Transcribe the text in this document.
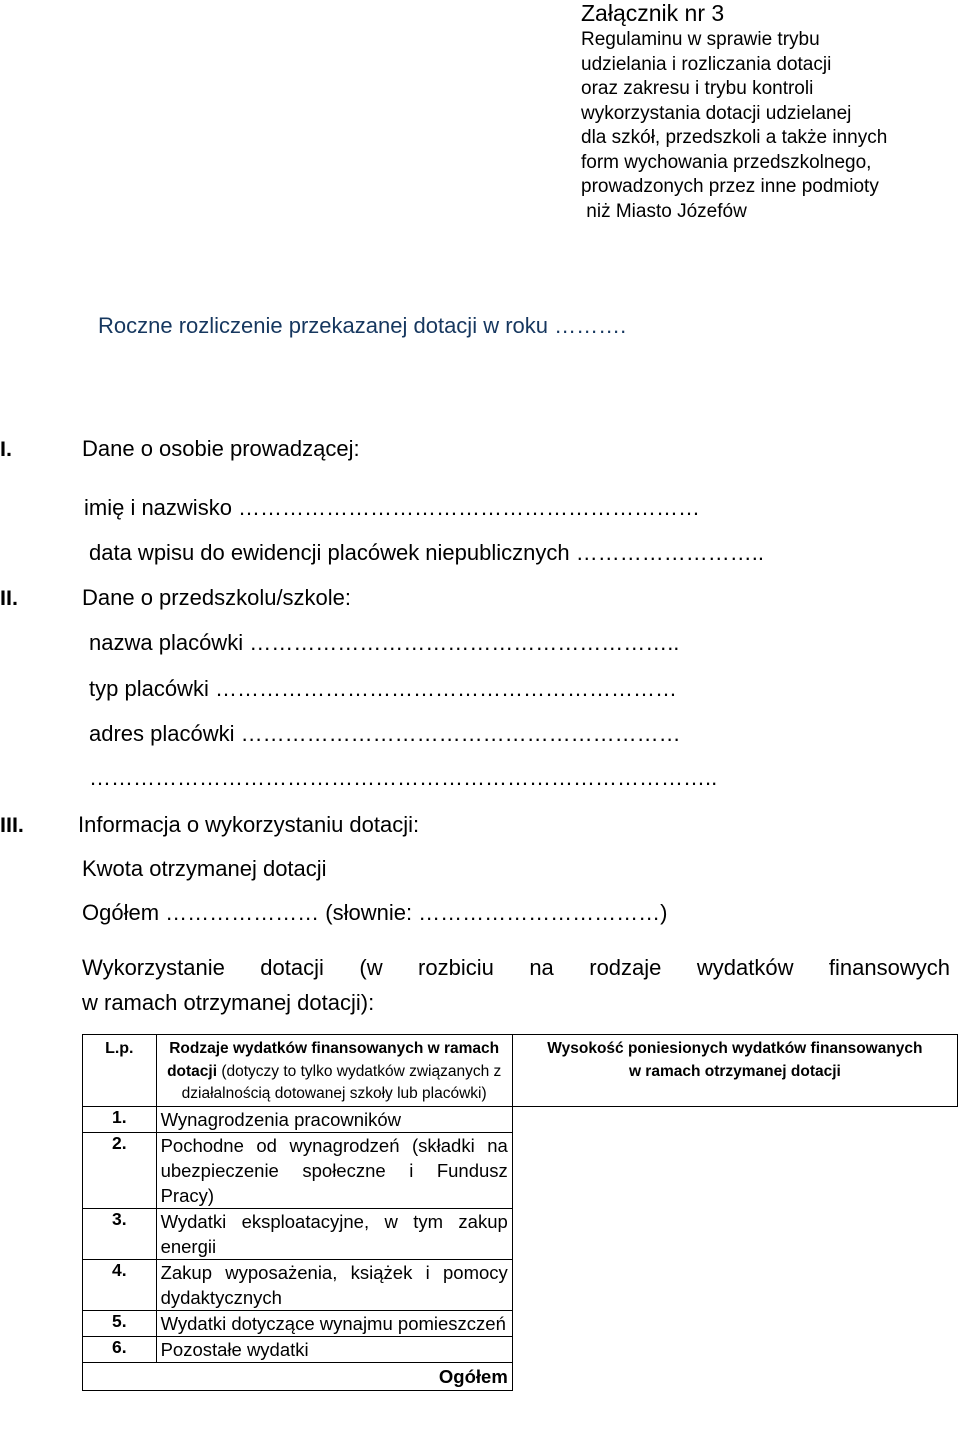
Załącznik nr 3
Regulaminu w sprawie trybu
udzielania i rozliczania dotacji
oraz zakresu i trybu kontroli
wykorzystania dotacji udzielanej
dla szkół, przedszkoli a także innych
form wychowania przedszkolnego,
prowadzonych przez inne podmioty
niż Miasto Józefów
Roczne rozliczenie przekazanej dotacji w roku ……….
I.	Dane o osobie prowadzącej:
imię i nazwisko ………………………………………………………
data wpisu do ewidencji placówek niepublicznych ……………………..
II.	Dane o przedszkolu/szkole:
nazwa placówki …………………………………………………..
typ placówki ………………………………………………………
adres placówki ……………………………………………………
…………………………………………………………………………..
III. Informacja o wykorzystaniu dotacji:
Kwota otrzymanej dotacji
Ogółem ………………… (słownie: ……………………………)
Wykorzystanie dotacji (w rozbiciu na rodzaje wydatków finansowych
w ramach otrzymanej dotacji):
L.p.	Rodzaje wydatków finansowanych w ramach dotacji (dotyczy to tylko wydatków związanych z działalnością dotowanej szkoły lub placówki)	Wysokość poniesionych wydatków finansowanych w ramach otrzymanej dotacji
1.	Wynagrodzenia pracowników	
2.	Pochodne od wynagrodzeń (składki na ubezpieczenie społeczne i Fundusz Pracy)	
3.	Wydatki eksploatacyjne, w tym zakup energii	
4.	Zakup wyposażenia, książek i pomocy dydaktycznych	
5.	Wydatki dotyczące wynajmu pomieszczeń	
6.	Pozostałe wydatki	
Ogółem		
